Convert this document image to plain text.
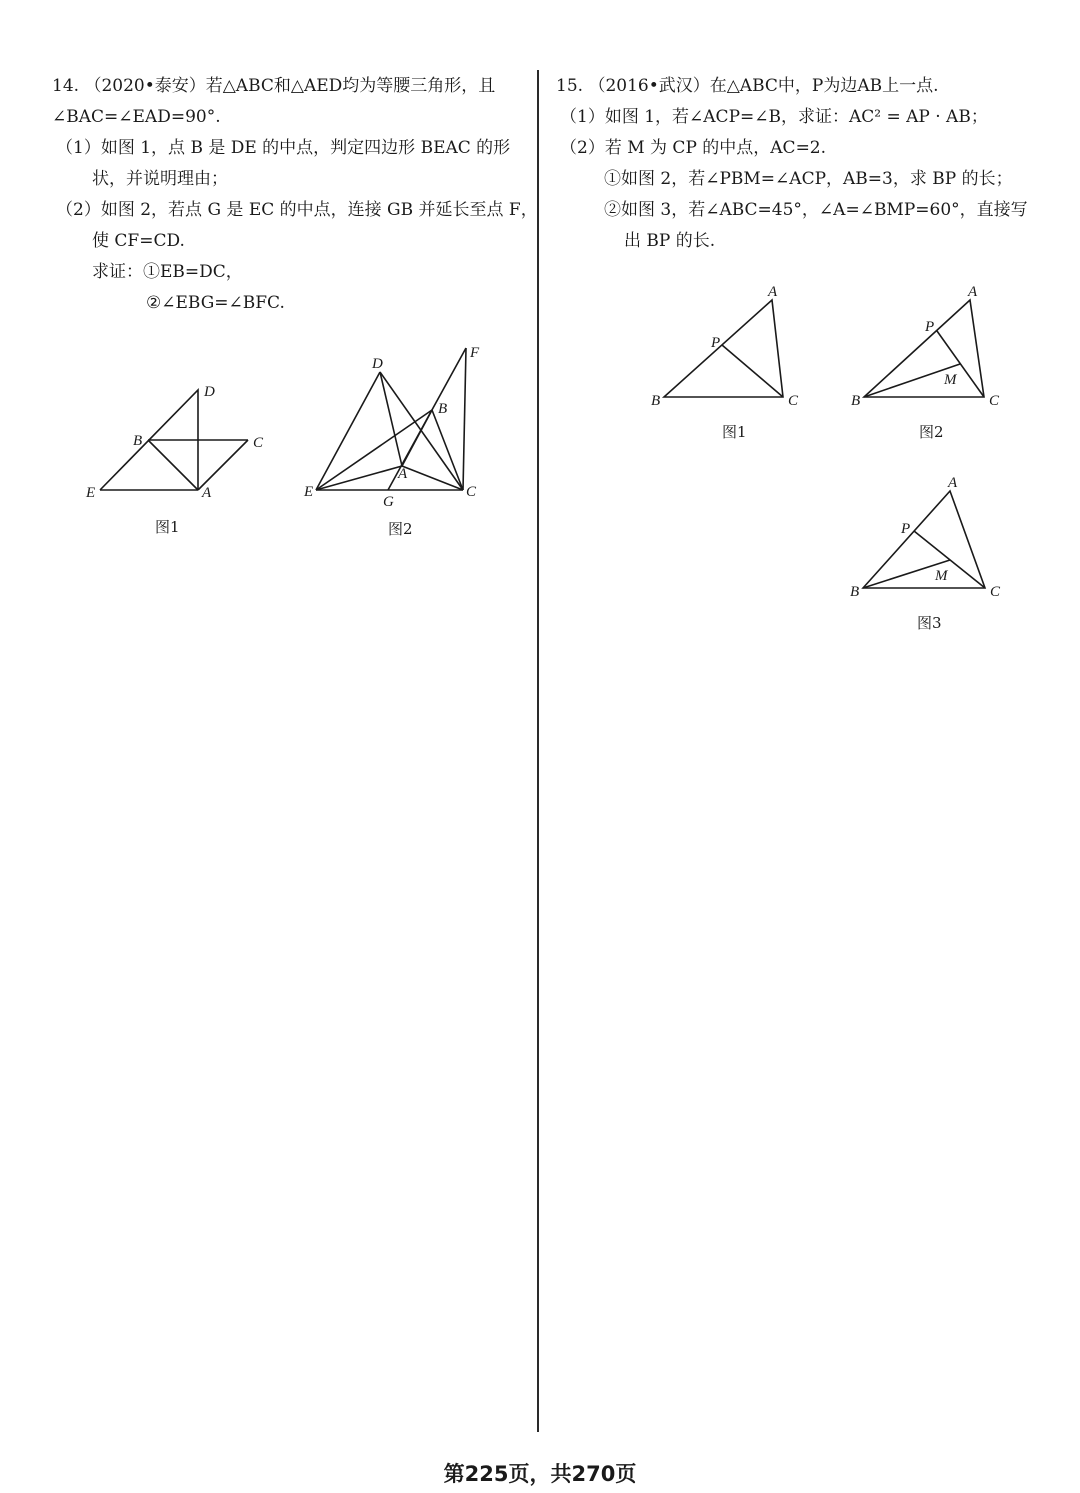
14. （2020•泰安）若△ABC和△AED均为等腰三角形，且
∠BAC=∠EAD=90°.
（1）如图 1，点 B 是 DE 的中点，判定四边形 BEAC 的形
状，并说明理由；
（2）如图 2，若点 G 是 EC 的中点，连接 GB 并延长至点 F，
使 CF=CD.
求证：①EB=DC，
②∠EBG=∠BFC.
D
B	C
E	A
图1
D
F
B
A
E
G
C
图2
15. （2016•武汉）在△ABC中，P为边AB上一点.
（1）如图 1，若∠ACP=∠B，求证：AC² = AP · AB；
（2）若 M 为 CP 的中点，AC=2.
①如图 2，若∠PBM=∠ACP，AB=3，求 BP 的长；
②如图 3，若∠ABC=45°，∠A=∠BMP=60°，直接写
出 BP 的长.
A
P
B	C
图1
A
P
M
B	C
图2
A
P
M
B	C
图3
第225页，共270页
